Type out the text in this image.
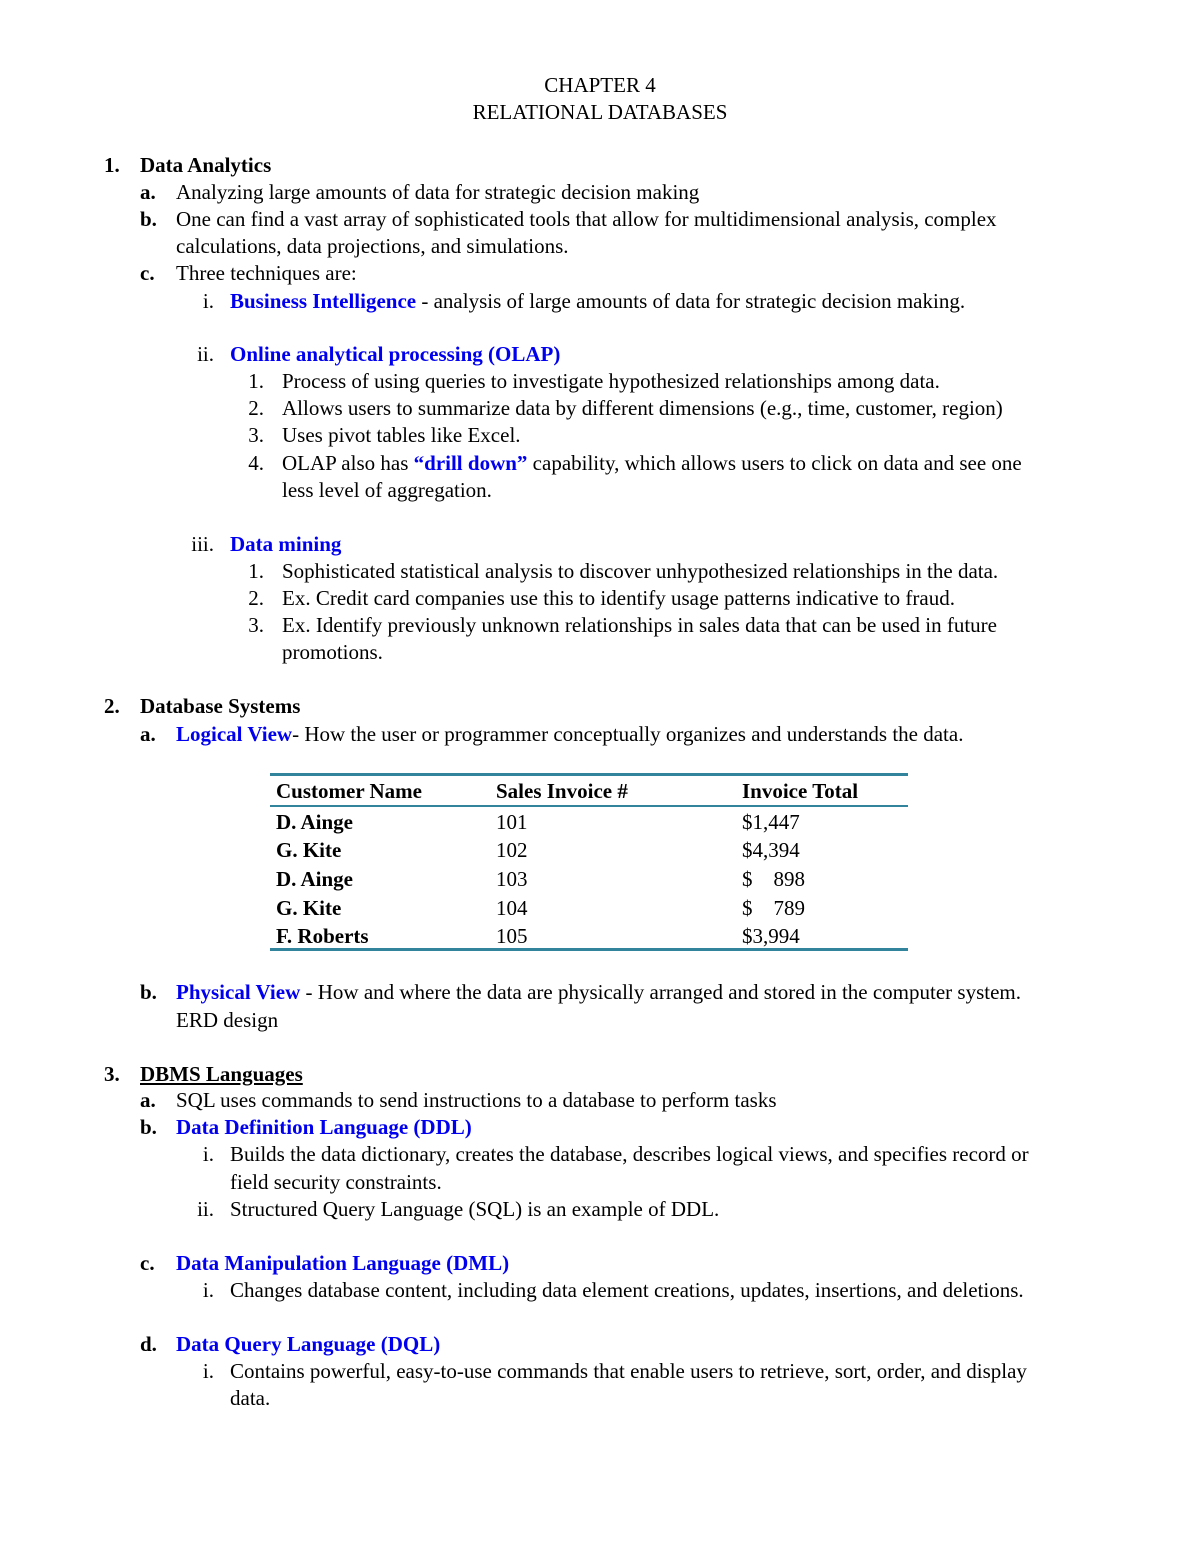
CHAPTER 4
RELATIONAL DATABASES
1. Data Analytics
a. Analyzing large amounts of data for strategic decision making
b. One can find a vast array of sophisticated tools that allow for multidimensional analysis, complex
calculations, data projections, and simulations.
c. Three techniques are:
i. Business Intelligence - analysis of large amounts of data for strategic decision making.
ii. Online analytical processing (OLAP)
1. Process of using queries to investigate hypothesized relationships among data.
2. Allows users to summarize data by different dimensions (e.g., time, customer, region)
3. Uses pivot tables like Excel.
4. OLAP also has “drill down” capability, which allows users to click on data and see one
less level of aggregation.
iii. Data mining
1. Sophisticated statistical analysis to discover unhypothesized relationships in the data.
2. Ex. Credit card companies use this to identify usage patterns indicative to fraud.
3. Ex. Identify previously unknown relationships in sales data that can be used in future
promotions.
2. Database Systems
a. Logical View- How the user or programmer conceptually organizes and understands the data.
Customer Name	Sales Invoice #	Invoice Total
D. Ainge	101	$1,447
G. Kite	102	$4,394
D. Ainge	103	$    898
G. Kite	104	$    789
F. Roberts	105	$3,994
b. Physical View - How and where the data are physically arranged and stored in the computer system.
ERD design
3. DBMS Languages
a. SQL uses commands to send instructions to a database to perform tasks
b. Data Definition Language (DDL)
i. Builds the data dictionary, creates the database, describes logical views, and specifies record or
field security constraints.
ii. Structured Query Language (SQL) is an example of DDL.
c. Data Manipulation Language (DML)
i. Changes database content, including data element creations, updates, insertions, and deletions.
d. Data Query Language (DQL)
i. Contains powerful, easy-to-use commands that enable users to retrieve, sort, order, and display
data.
